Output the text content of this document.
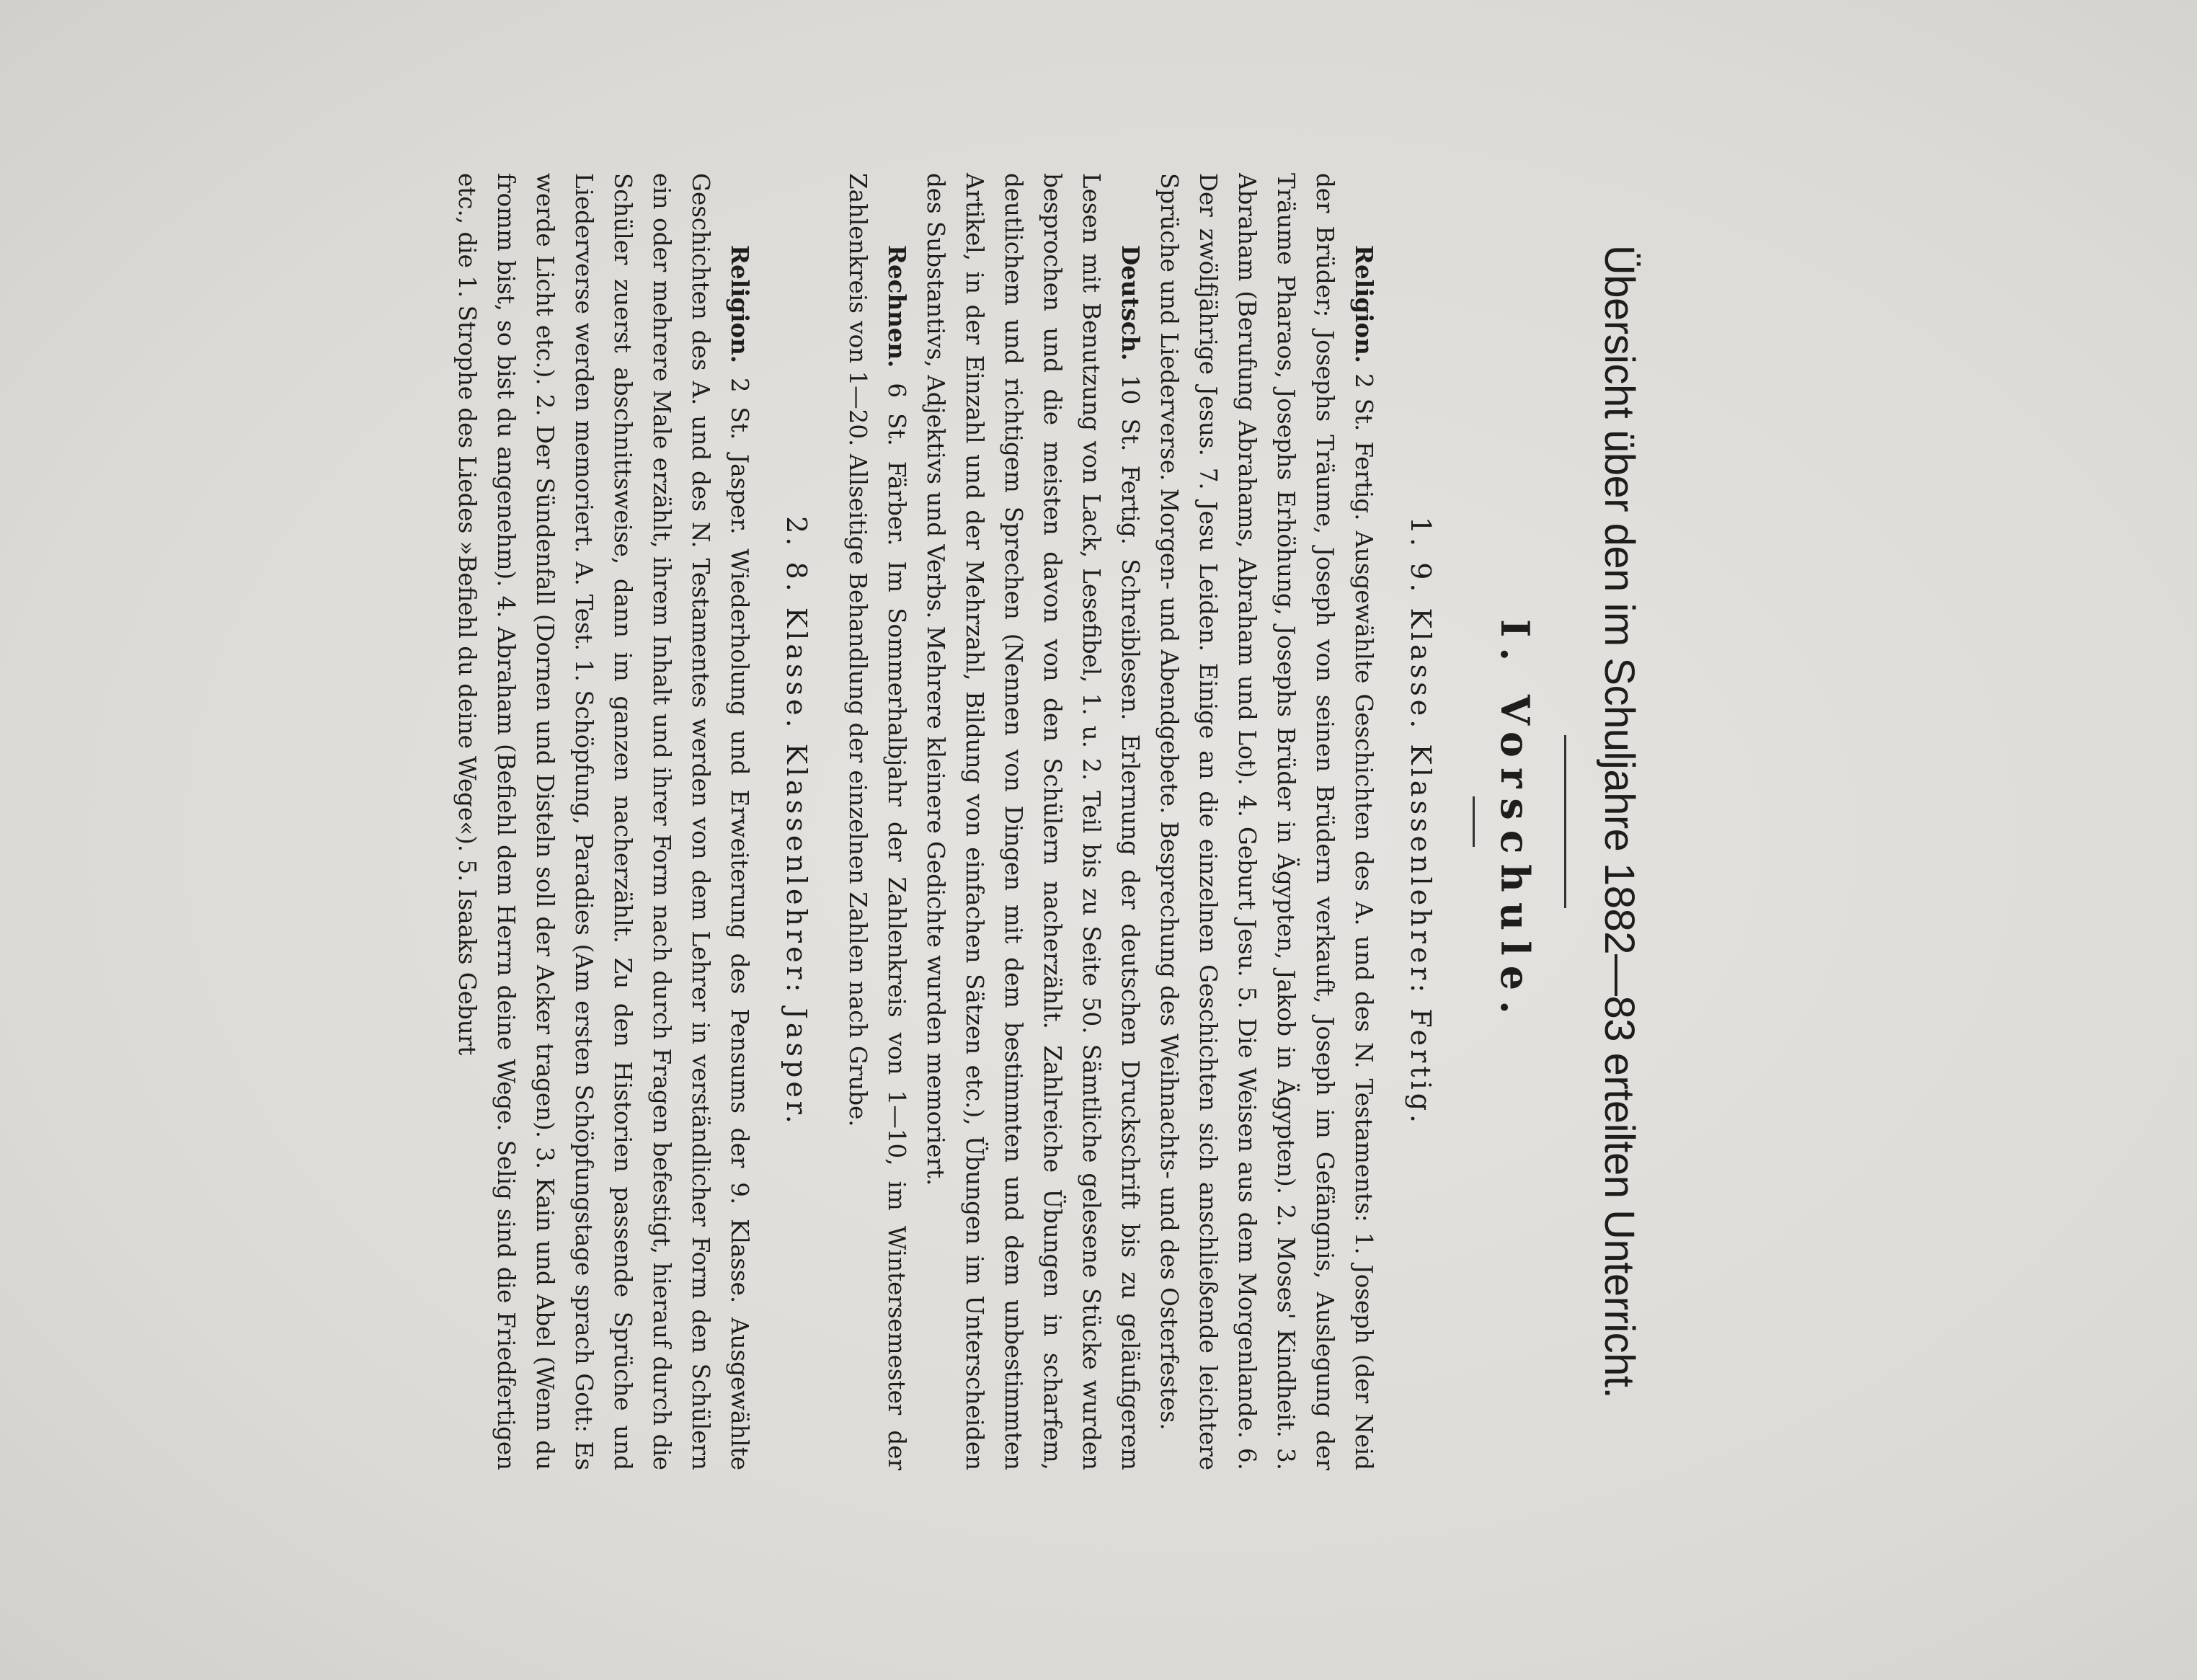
Übersicht über den im Schuljahre 1882—83 erteilten Unterricht.
I. Vorschule.
1. 9. Klasse. Klassenlehrer: Fertig.

Religion. 2 St. Fertig. Ausgewählte Geschichten des A. und des N. Testaments: 1. Joseph (der Neid der Brüder; Josephs Träume, Joseph von seinen Brüdern verkauft, Joseph im Gefängnis, Auslegung der Träume Pharaos, Josephs Erhöhung, Josephs Brüder in Ägypten, Jakob in Ägypten). 2. Moses' Kindheit. 3. Abraham (Berufung Abrahams, Abraham und Lot). 4. Geburt Jesu. 5. Die Weisen aus dem Morgenlande. 6. Der zwölfjährige Jesus. 7. Jesu Leiden. Einige an die einzelnen Geschichten sich anschließende leichtere Sprüche und Liederverse. Morgen- und Abendgebete. Besprechung des Weihnachts- und des Osterfestes.

Deutsch. 10 St. Fertig. Schreiblesen. Erlernung der deutschen Druckschrift bis zu geläufigerem Lesen mit Benutzung von Lack, Lesefibel, 1. u. 2. Teil bis zu Seite 50. Sämtliche gelesene Stücke wurden besprochen und die meisten davon von den Schülern nacherzählt. Zahlreiche Übungen in scharfem, deutlichem und richtigem Sprechen (Nennen von Dingen mit dem bestimmten und dem unbestimmten Artikel, in der Einzahl und der Mehrzahl, Bildung von einfachen Sätzen etc.), Übungen im Unterscheiden des Substantivs, Adjektivs und Verbs. Mehrere kleinere Gedichte wurden memoriert.

Rechnen. 6 St. Färber. Im Sommerhalbjahr der Zahlenkreis von 1—10, im Wintersemester der Zahlenkreis von 1—20. Allseitige Behandlung der einzelnen Zahlen nach Grube.

2. 8. Klasse. Klassenlehrer: Jasper.

Religion. 2 St. Jasper. Wiederholung und Erweiterung des Pensums der 9. Klasse. Ausgewählte Geschichten des A. und des N. Testamentes werden von dem Lehrer in verständlicher Form den Schülern ein oder mehrere Male erzählt, ihrem Inhalt und ihrer Form nach durch Fragen befestigt, hierauf durch die Schüler zuerst abschnittsweise, dann im ganzen nacherzählt. Zu den Historien passende Sprüche und Liederverse werden memoriert. A. Test. 1. Schöpfung, Paradies (Am ersten Schöpfungstage sprach Gott: Es werde Licht etc.). 2. Der Sündenfall (Dornen und Disteln soll der Acker tragen). 3. Kain und Abel (Wenn du fromm bist, so bist du angenehm). 4. Abraham (Befiehl dem Herrn deine Wege. Selig sind die Friedfertigen etc., die 1. Strophe des Liedes »Befiehl du deine Wege«). 5. Isaaks Geburt
